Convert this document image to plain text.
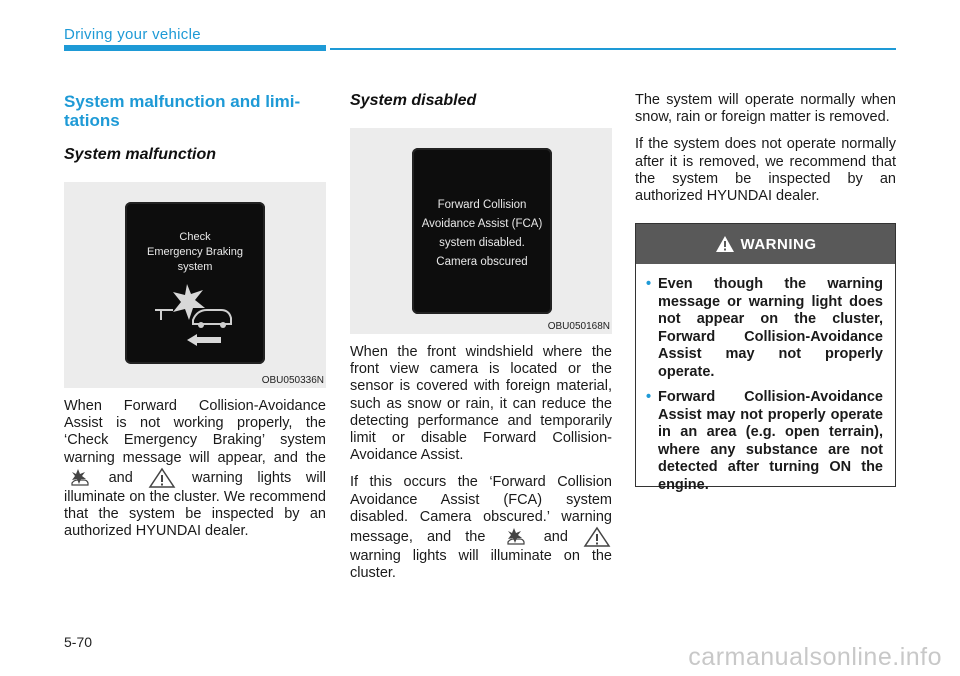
Driving your vehicle
System malfunction and limi-
tations
System malfunction
Check
Emergency Braking
system
OBU050336N

When Forward Collision-Avoidance Assist is not working properly, the ‘Check Emergency Braking’ system warning message will appear, and the  and	warning lights will illuminate on the cluster. We recommend that the system be inspected by an authorized HYUNDAI dealer.

System disabled
Forward Collision
Avoidance Assist (FCA)
system disabled.
Camera obscured
OBU050168N

When the front windshield where the front view camera is located or the sensor is covered with foreign material, such as snow or rain, it can reduce the detecting performance and temporarily limit or disable Forward Collision-Avoidance Assist.

If this occurs the ‘Forward Collision Avoidance Assist (FCA) system disabled. Camera obscured.’ warning message, and the	and  warning lights will illuminate on the cluster.

The system will operate normally when snow, rain or foreign matter is removed.

If the system does not operate normally after it is removed, we recommend that the system be inspected by an authorized HYUNDAI dealer.

WARNING
• Even though the warning message or warning light does not appear on the cluster, Forward Collision-Avoidance Assist may not properly operate.
• Forward Collision-Avoidance Assist may not properly operate in an area (e.g. open terrain), where any substance are not detected after turning ON the engine.
5-70
carmanualsonline.info
